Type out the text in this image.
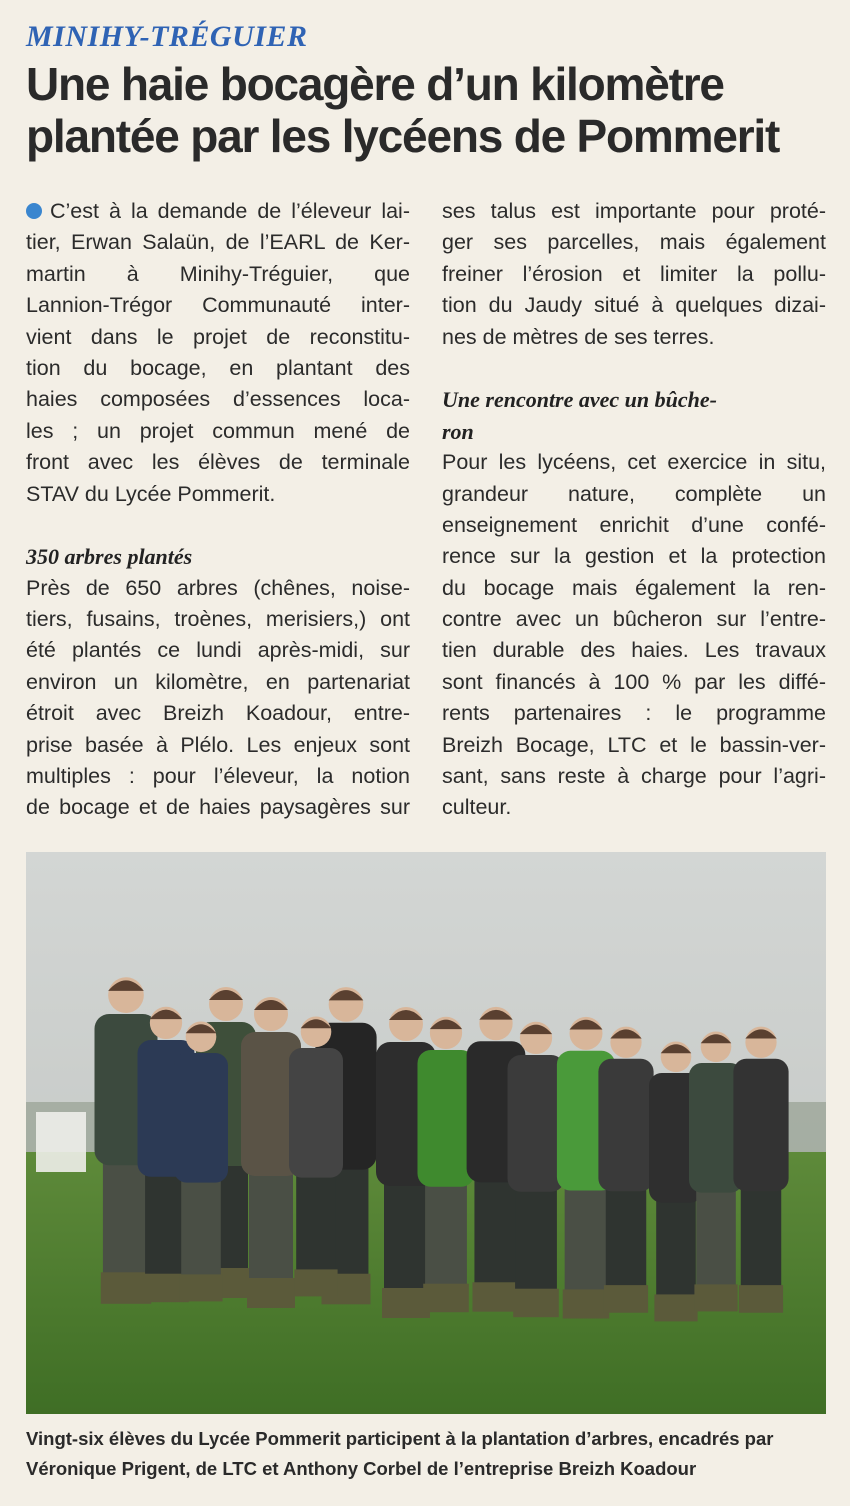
MINIHY-TRÉGUIER
Une haie bocagère d’un kilomètre
plantée par les lycéens de Pommerit
C’est à la demande de l’éleveur lai-
tier, Erwan Salaün, de l’EARL de Ker-
martin à Minihy-Tréguier, que
Lannion-Trégor Communauté inter-
vient dans le projet de reconstitu-
tion du bocage, en plantant des
haies composées d’essences loca-
les ; un projet commun mené de
front avec les élèves de terminale
STAV du Lycée Pommerit.
350 arbres plantés
Près de 650 arbres (chênes, noise-
tiers, fusains, troènes, merisiers,) ont
été plantés ce lundi après-midi, sur
environ un kilomètre, en partenariat
étroit avec Breizh Koadour, entre-
prise basée à Plélo. Les enjeux sont
multiples : pour l’éleveur, la notion
de bocage et de haies paysagères sur
ses talus est importante pour proté-
ger ses parcelles, mais également
freiner l’érosion et limiter la pollu-
tion du Jaudy situé à quelques dizai-
nes de mètres de ses terres.
Une rencontre avec un bûche-
ron
Pour les lycéens, cet exercice in situ,
grandeur nature, complète un
enseignement enrichit d’une confé-
rence sur la gestion et la protection
du bocage mais également la ren-
contre avec un bûcheron sur l’entre-
tien durable des haies. Les travaux
sont financés à 100 % par les diffé-
rents partenaires : le programme
Breizh Bocage, LTC et le bassin-ver-
sant, sans reste à charge pour l’agri-
culteur.
Vingt-six élèves du Lycée Pommerit participent à la plantation d’arbres, encadrés par
Véronique Prigent, de LTC et Anthony Corbel de l’entreprise Breizh Koadour
